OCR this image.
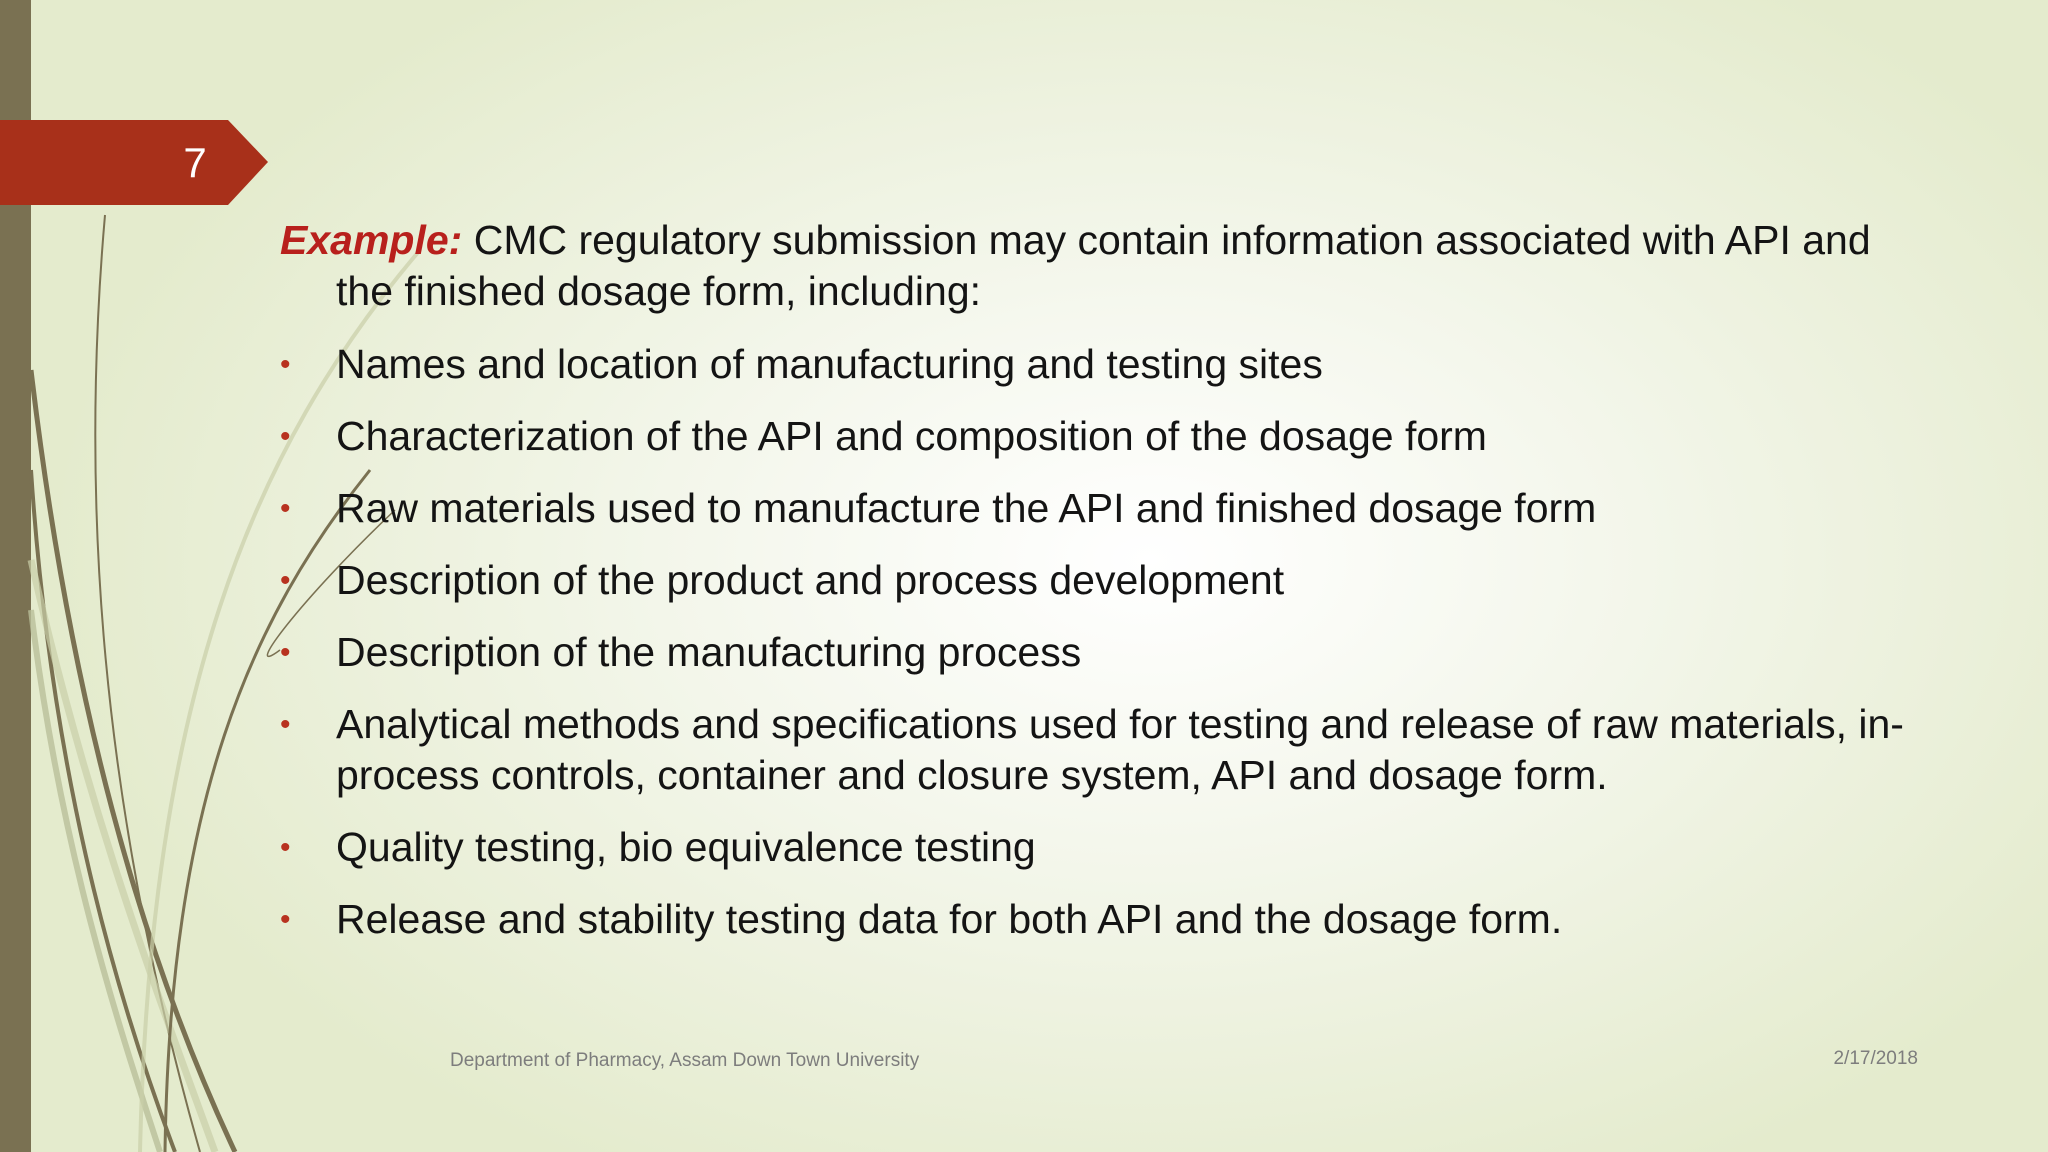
7

Example: CMC regulatory submission may contain information associated with API and the finished dosage form, including:

• Names and location of manufacturing and testing sites
• Characterization of the API and composition of the dosage form
• Raw materials used to manufacture the API and finished dosage form
• Description of the product and process development
• Description of the manufacturing process
• Analytical methods and specifications used for testing and release of raw materials, in-process controls, container and closure system, API and dosage form.
• Quality testing, bio equivalence testing
• Release and stability testing data for both API and the dosage form.
Department of Pharmacy, Assam Down Town University	2/17/2018
